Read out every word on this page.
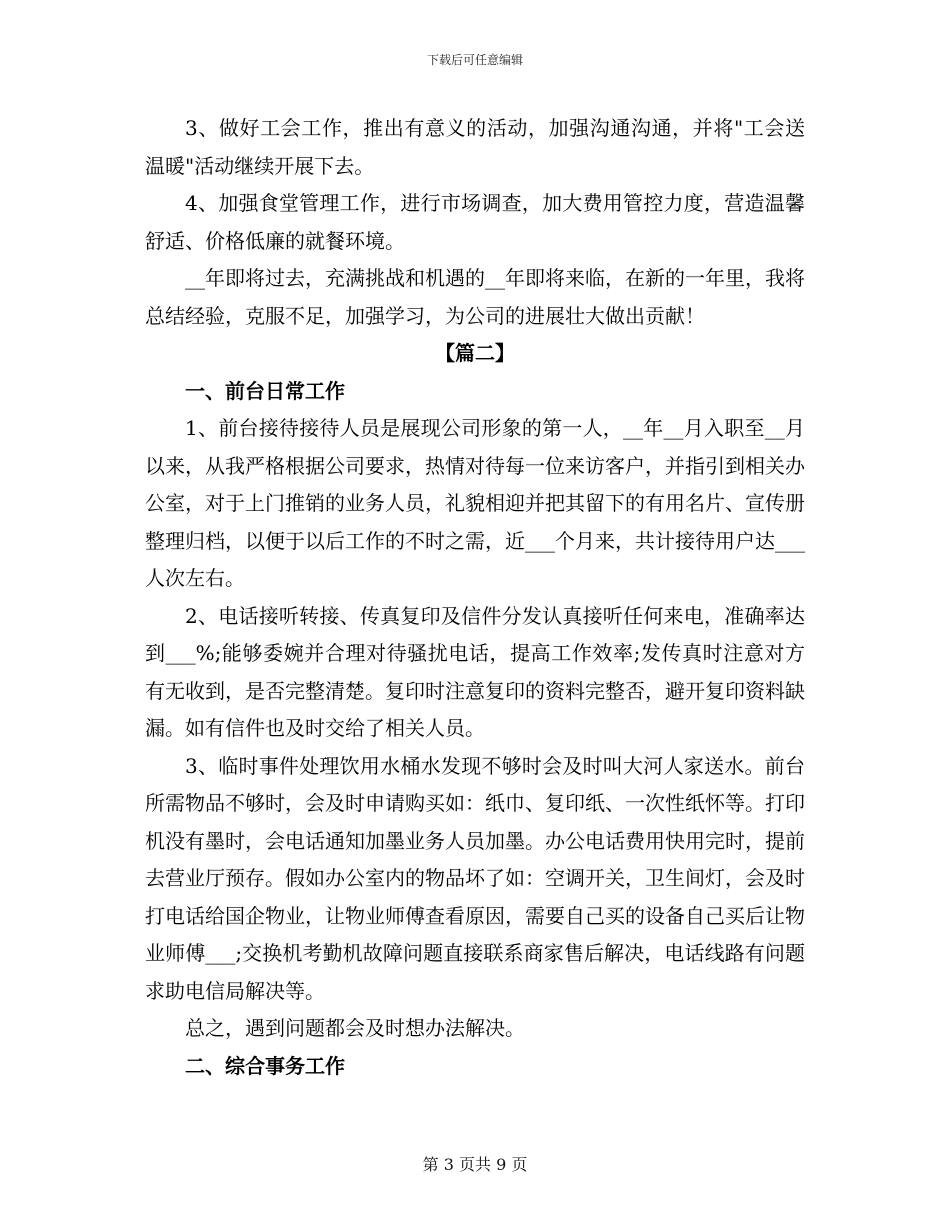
下载后可任意编辑

3、做好工会工作，推出有意义的活动，加强沟通沟通，并将"工会送温暖"活动继续开展下去。

4、加强食堂管理工作，进行市场调查，加大费用管控力度，营造温馨舒适、价格低廉的就餐环境。

__年即将过去，充满挑战和机遇的__年即将来临，在新的一年里，我将总结经验，克服不足，加强学习，为公司的进展壮大做出贡献！

【篇二】

一、前台日常工作

1、前台接待接待人员是展现公司形象的第一人，__年__月入职至__月以来，从我严格根据公司要求，热情对待每一位来访客户，并指引到相关办公室，对于上门推销的业务人员，礼貌相迎并把其留下的有用名片、宣传册整理归档，以便于以后工作的不时之需，近___个月来，共计接待用户达___人次左右。

2、电话接听转接、传真复印及信件分发认真接听任何来电，准确率达到___%;能够委婉并合理对待骚扰电话，提高工作效率;发传真时注意对方有无收到，是否完整清楚。复印时注意复印的资料完整否，避开复印资料缺漏。如有信件也及时交给了相关人员。

3、临时事件处理饮用水桶水发现不够时会及时叫大河人家送水。前台所需物品不够时，会及时申请购买如：纸巾、复印纸、一次性纸怀等。打印机没有墨时，会电话通知加墨业务人员加墨。办公电话费用快用完时，提前去营业厅预存。假如办公室内的物品坏了如：空调开关，卫生间灯，会及时打电话给国企物业，让物业师傅查看原因，需要自己买的设备自己买后让物业师傅___;交换机考勤机故障问题直接联系商家售后解决，电话线路有问题求助电信局解决等。

总之，遇到问题都会及时想办法解决。

二、综合事务工作

第 3 页共 9 页
